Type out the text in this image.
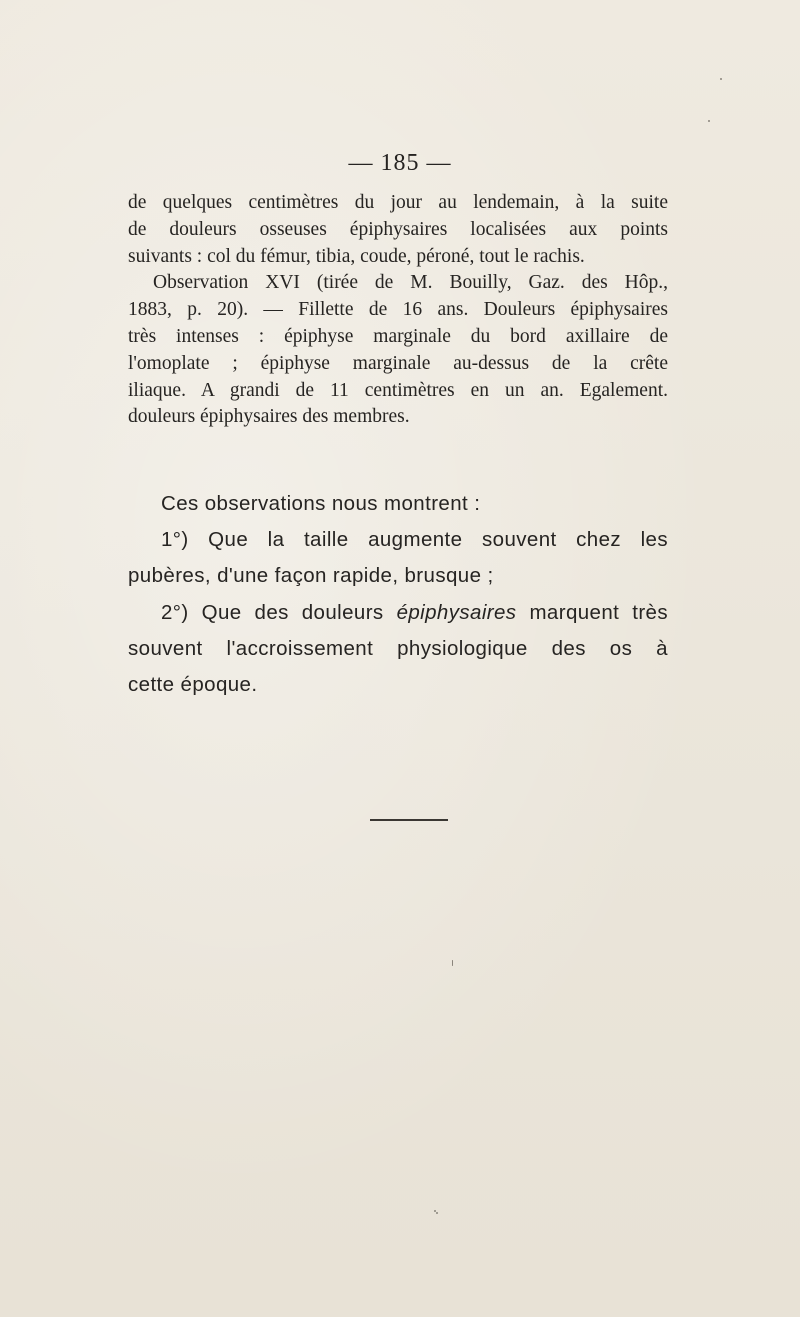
— 185 —
de quelques centimètres du jour au lendemain, à la suite
de douleurs osseuses épiphysaires localisées aux points
suivants : col du fémur, tibia, coude, péroné, tout le rachis.
Observation XVI (tirée de M. Bouilly, Gaz. des Hôp.,
1883, p. 20). — Fillette de 16 ans. Douleurs épiphysaires
très intenses : épiphyse marginale du bord axillaire de
l'omoplate ; épiphyse marginale au-dessus de la crête
iliaque. A grandi de 11 centimètres en un an. Egalement.
douleurs épiphysaires des membres.
Ces observations nous montrent :
1°) Que la taille augmente souvent chez les
pubères, d'une façon rapide, brusque ;
2°) Que des douleurs épiphysaires marquent très
souvent l'accroissement physiologique des os à
cette époque.
